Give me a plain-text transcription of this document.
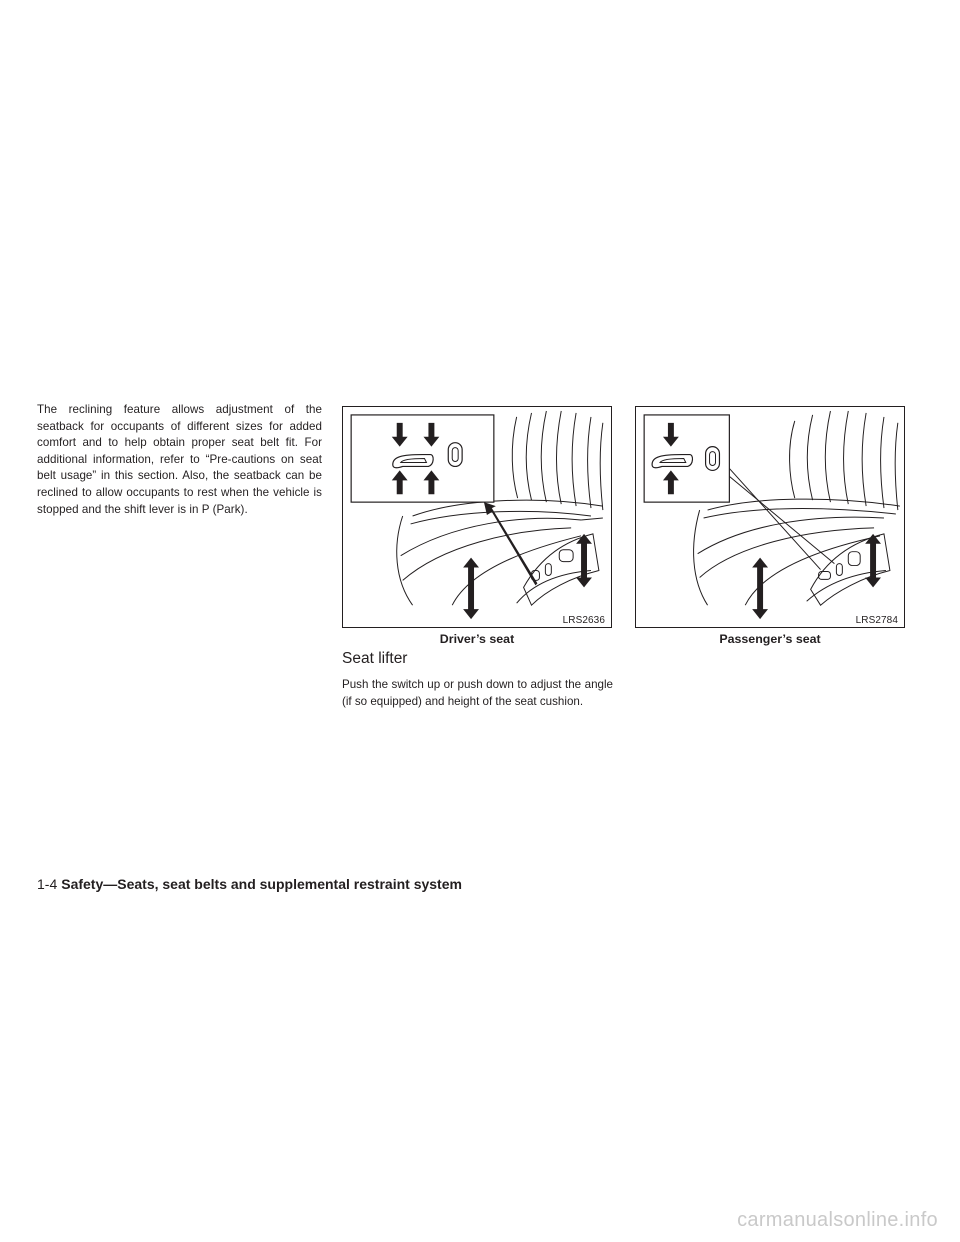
The reclining feature allows adjustment of the seatback for occupants of different sizes for added comfort and to help obtain proper seat belt fit. For additional information, refer to “Pre-cautions on seat belt usage” in this section. Also, the seatback can be reclined to allow occupants to rest when the vehicle is stopped and the shift lever is in P (Park).

LRS2636
Driver’s seat
LRS2784
Passenger’s seat
Seat lifter

Push the switch up or push down to adjust the angle (if so equipped) and height of the seat cushion.

1-4 Safety—Seats, seat belts and supplemental restraint system
carmanualsonline.info
